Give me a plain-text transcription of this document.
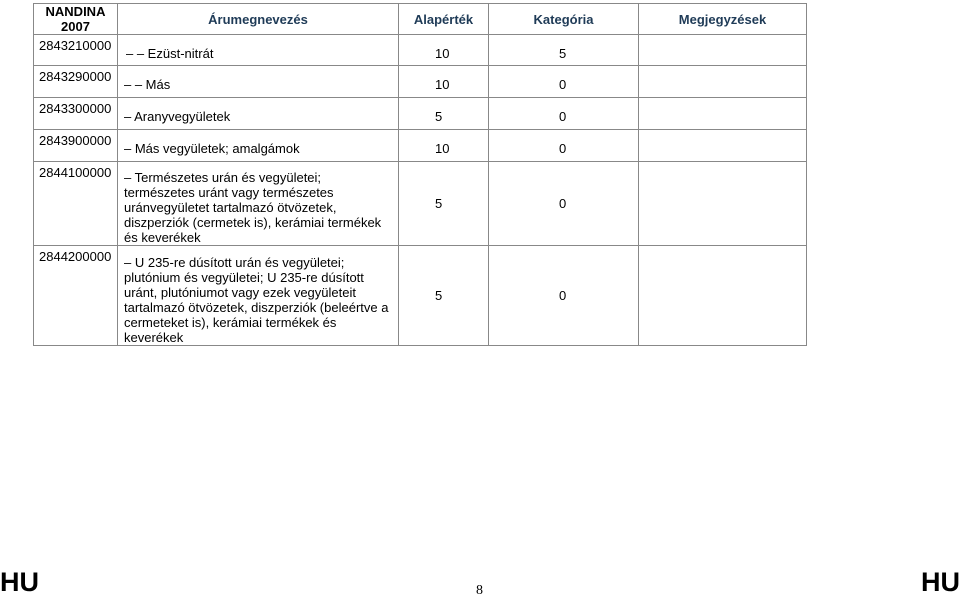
NANDINA 2007	Árumegnevezés	Alapérték	Kategória	Megjegyzések
2843210000	– – Ezüst-nitrát	10	5	
2843290000	– – Más	10	0	
2843300000	– Aranyvegyületek	5	0	
2843900000	– Más vegyületek; amalgámok	10	0	
2844100000	– Természetes urán és vegyületei; természetes uránt vagy természetes uránvegyületet tartalmazó ötvözetek, diszperziók (cermetek is), kerámiai termékek és keverékek	5	0	
2844200000	– U 235-re dúsított urán és vegyületei; plutónium és vegyületei; U 235-re dúsított uránt, plutóniumot vagy ezek vegyületeit tartalmazó ötvözetek, diszperziók (beleértve a cermeteket is), kerámiai termékek és keverékek	5	0	
HU	8	HU
